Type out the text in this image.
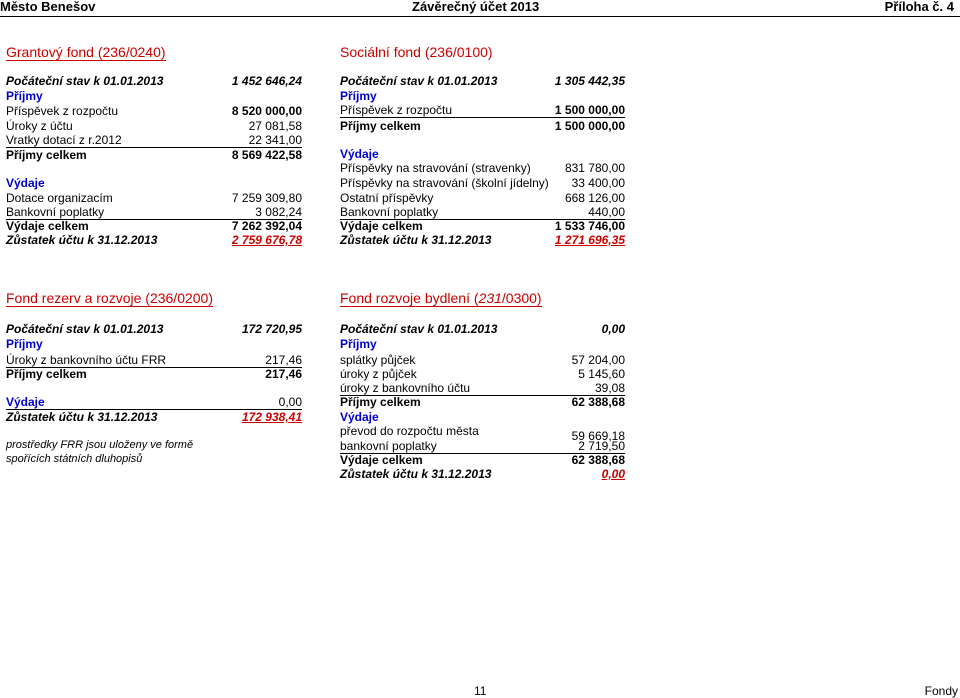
Město Benešov	Závěrečný účet 2013	Příloha č. 4
Grantový fond (236/0240)
Počáteční stav k 01.01.2013	1 452 646,24
Příjmy
Příspěvek z rozpočtu	8 520 000,00
Úroky z účtu	27 081,58
Vratky dotací z r.2012	22 341,00
Příjmy celkem	8 569 422,58
Výdaje
Dotace organizacím	7 259 309,80
Bankovní poplatky	3 082,24
Výdaje celkem	7 262 392,04
Zůstatek účtu k 31.12.2013	2 759 676,78
Sociální fond (236/0100)
Počáteční stav k 01.01.2013	1 305 442,35
Příjmy
Příspěvek z rozpočtu	1 500 000,00
Příjmy celkem	1 500 000,00
Výdaje
Příspěvky na stravování (stravenky)	831 780,00
Příspěvky na stravování (školní jídelny) 33 400,00
Ostatní příspěvky	668 126,00
Bankovní poplatky	440,00
Výdaje celkem	1 533 746,00
Zůstatek účtu k 31.12.2013	1 271 696,35
Fond rezerv a rozvoje (236/0200)
Počáteční stav k 01.01.2013	172 720,95
Příjmy
Úroky z bankovního účtu FRR	217,46
Příjmy celkem	217,46
Výdaje	0,00
Zůstatek účtu k 31.12.2013	172 938,41
prostředky FRR jsou uloženy ve formě
spořících státních dluhopisů
Fond rozvoje bydlení (231/0300)
Počáteční stav k 01.01.2013	0,00
Příjmy
splátky půjček	57 204,00
úroky z půjček	5 145,60
úroky z bankovního účtu	39,08
Příjmy celkem	62 388,68
Výdaje
převod do rozpočtu města	59 669,18
bankovní poplatky	2 719,50
Výdaje celkem	62 388,68
Zůstatek účtu k 31.12.2013	0,00
11	Fondy
